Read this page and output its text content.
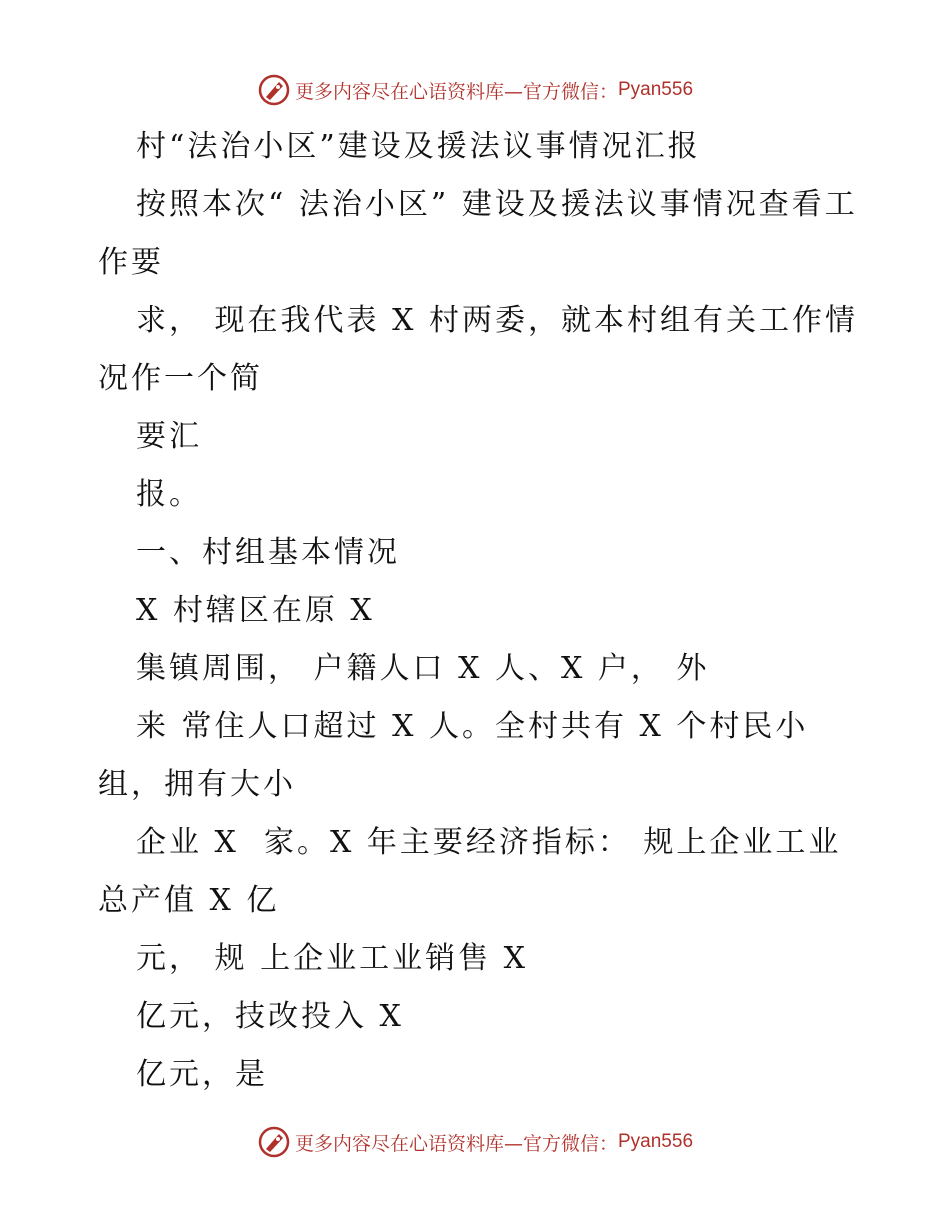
更多内容尽在心语资料库—官方微信： Pyan556

村“法治小区”建设及援法议事情况汇报

按照本次“ 法治小区” 建设及援法议事情况查看工作要

求， 现在我代表 X 村两委，就本村组有关工作情况作一个简

要汇

报。

一、村组基本情况

X 村辖区在原 X

集镇周围， 户籍人口 X 人、X 户， 外

来 常住人口超过 X 人。全村共有 X 个村民小组，拥有大小

企业 X  家。X 年主要经济指标： 规上企业工业总产值 X 亿

元， 规 上企业工业销售 X

亿元，技改投入 X

亿元，是

更多内容尽在心语资料库—官方微信： Pyan556
